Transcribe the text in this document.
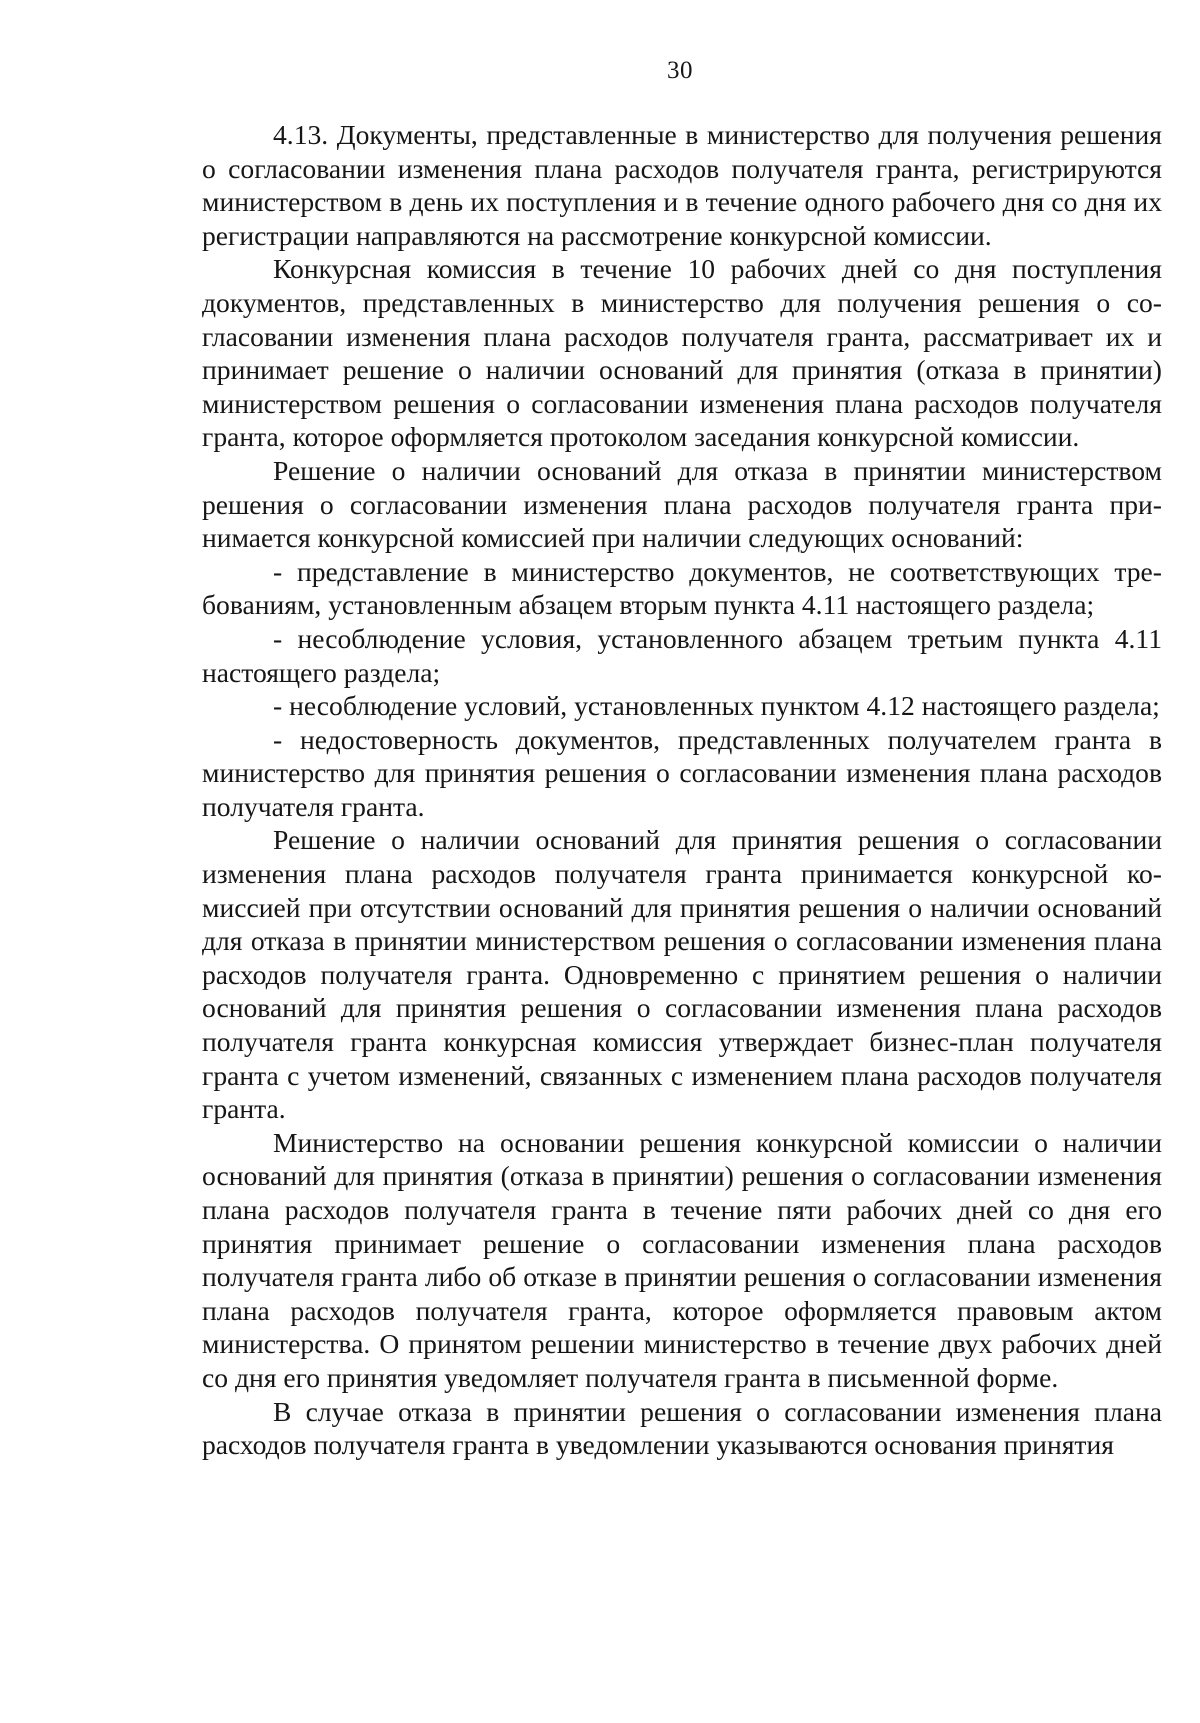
30

4.13. Документы, представленные в министерство для получения решения о согласовании изменения плана расходов получателя гранта, регистрируются министерством в день их поступления и в течение одного рабочего дня со дня их регистрации направляются на рассмотрение конкурсной комиссии.

Конкурсная комиссия в течение 10 рабочих дней со дня поступления документов, представленных в министерство для получения решения о согласовании изменения плана расходов получателя гранта, рассматривает их и принимает решение о наличии оснований для принятия (отказа в принятии) министерством решения о согласовании изменения плана расходов получателя гранта, которое оформляется протоколом заседания конкурсной комиссии.

Решение о наличии оснований для отказа в принятии министерством решения о согласовании изменения плана расходов получателя гранта принимается конкурсной комиссией при наличии следующих оснований:

- представление в министерство документов, не соответствующих требованиям, установленным абзацем вторым пункта 4.11 настоящего раздела;

- несоблюдение условия, установленного абзацем третьим пункта 4.11 настоящего раздела;

- несоблюдение условий, установленных пунктом 4.12 настоящего раздела;

- недостоверность документов, представленных получателем гранта в министерство для принятия решения о согласовании изменения плана расходов получателя гранта.

Решение о наличии оснований для принятия решения о согласовании изменения плана расходов получателя гранта принимается конкурсной комиссией при отсутствии оснований для принятия решения о наличии оснований для отказа в принятии министерством решения о согласовании изменения плана расходов получателя гранта. Одновременно с принятием решения о наличии оснований для принятия решения о согласовании изменения плана расходов получателя гранта конкурсная комиссия утверждает бизнес-план получателя гранта с учетом изменений, связанных с изменением плана расходов получателя гранта.

Министерство на основании решения конкурсной комиссии о наличии оснований для принятия (отказа в принятии) решения о согласовании изменения плана расходов получателя гранта в течение пяти рабочих дней со дня его принятия принимает решение о согласовании изменения плана расходов получателя гранта либо об отказе в принятии решения о согласовании изменения плана расходов получателя гранта, которое оформляется правовым актом министерства. О принятом решении министерство в течение двух рабочих дней со дня его принятия уведомляет получателя гранта в письменной форме.

В случае отказа в принятии решения о согласовании изменения плана расходов получателя гранта в уведомлении указываются основания принятия
